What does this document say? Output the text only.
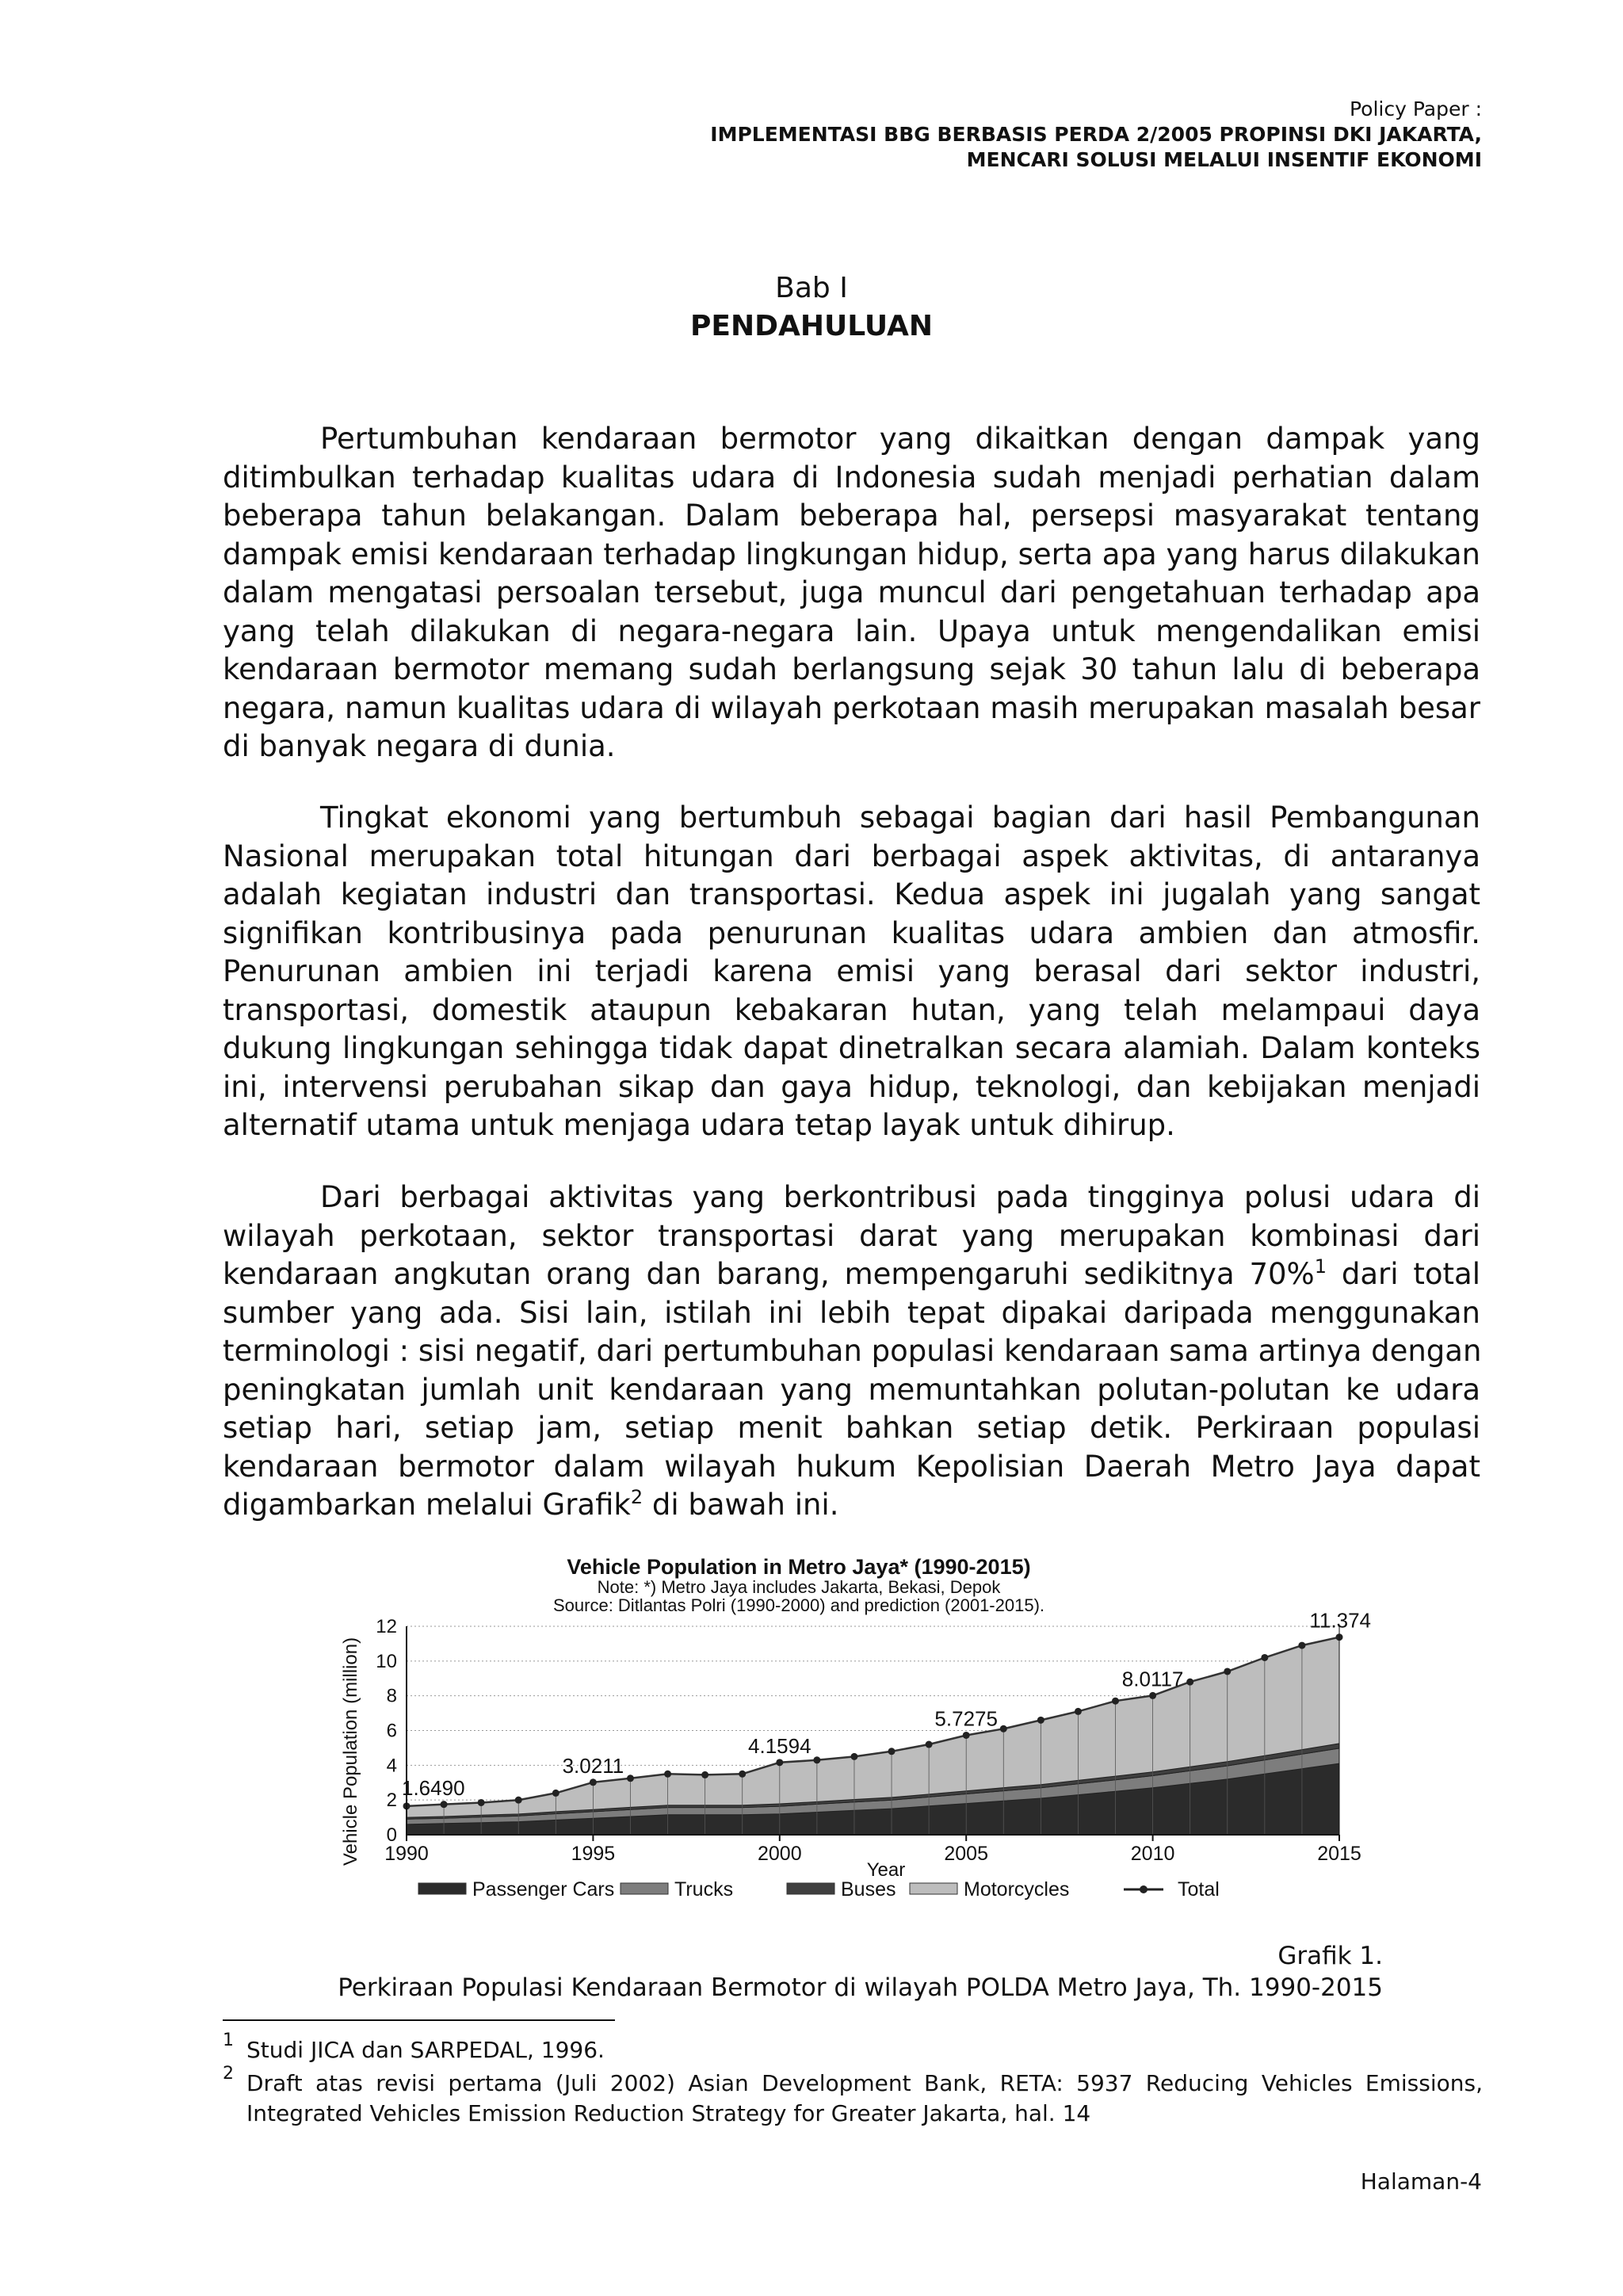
Policy Paper :
IMPLEMENTASI BBG BERBASIS PERDA 2/2005 PROPINSI DKI JAKARTA,
MENCARI SOLUSI MELALUI INSENTIF EKONOMI
Bab I
PENDAHULUAN
Pertumbuhan kendaraan bermotor yang dikaitkan dengan dampak yang
ditimbulkan terhadap kualitas udara di Indonesia sudah menjadi perhatian dalam
beberapa tahun belakangan. Dalam beberapa hal, persepsi masyarakat tentang
dampak emisi kendaraan terhadap lingkungan hidup, serta apa yang harus dilakukan
dalam mengatasi persoalan tersebut, juga muncul dari pengetahuan terhadap apa
yang telah dilakukan di negara-negara lain. Upaya untuk mengendalikan emisi
kendaraan bermotor memang sudah berlangsung sejak 30 tahun lalu di beberapa
negara, namun kualitas udara di wilayah perkotaan masih merupakan masalah besar
di banyak negara di dunia.
Tingkat ekonomi yang bertumbuh sebagai bagian dari hasil Pembangunan
Nasional merupakan total hitungan dari berbagai aspek aktivitas, di antaranya
adalah kegiatan industri dan transportasi. Kedua aspek ini jugalah yang sangat
signifikan kontribusinya pada penurunan kualitas udara ambien dan atmosfir.
Penurunan ambien ini terjadi karena emisi yang berasal dari sektor industri,
transportasi, domestik ataupun kebakaran hutan, yang telah melampaui daya
dukung lingkungan sehingga tidak dapat dinetralkan secara alamiah. Dalam konteks
ini, intervensi perubahan sikap dan gaya hidup, teknologi, dan kebijakan menjadi
alternatif utama untuk menjaga udara tetap layak untuk dihirup.
Dari berbagai aktivitas yang berkontribusi pada tingginya polusi udara di
wilayah perkotaan, sektor transportasi darat yang merupakan kombinasi dari
kendaraan angkutan orang dan barang, mempengaruhi sedikitnya 70%$^1$ dari total
sumber yang ada. Sisi lain, istilah ini lebih tepat dipakai daripada menggunakan
terminologi : sisi negatif, dari pertumbuhan populasi kendaraan sama artinya dengan
peningkatan jumlah unit kendaraan yang memuntahkan polutan-polutan ke udara
setiap hari, setiap jam, setiap menit bahkan setiap detik. Perkiraan populasi
kendaraan bermotor dalam wilayah hukum Kepolisian Daerah Metro Jaya dapat
digambarkan melalui Grafik$^2$ di bawah ini.
Vehicle Population in Metro Jaya* (1990-2015)
Note: *) Metro Jaya includes Jakarta, Bekasi, Depok
Source: Ditlantas Polri (1990-2000) and prediction (2001-2015).
0
2
4
6
8
10
12
1990	1995	2000	2005	2010	2015
1.6490
3.0211
4.1594
5.7275
8.0117
11.374
Vehicle Population (million)
Year
Passenger Cars	Trucks	Buses	Motorcycles	Total
Grafik 1.
Perkiraan Populasi Kendaraan Bermotor di wilayah POLDA Metro Jaya, Th. 1990-2015
1 Studi JICA dan SARPEDAL, 1996.
2 Draft atas revisi pertama (Juli 2002) Asian Development Bank, RETA: 5937 Reducing Vehicles Emissions,
Integrated Vehicles Emission Reduction Strategy for Greater Jakarta, hal. 14
Halaman-4
